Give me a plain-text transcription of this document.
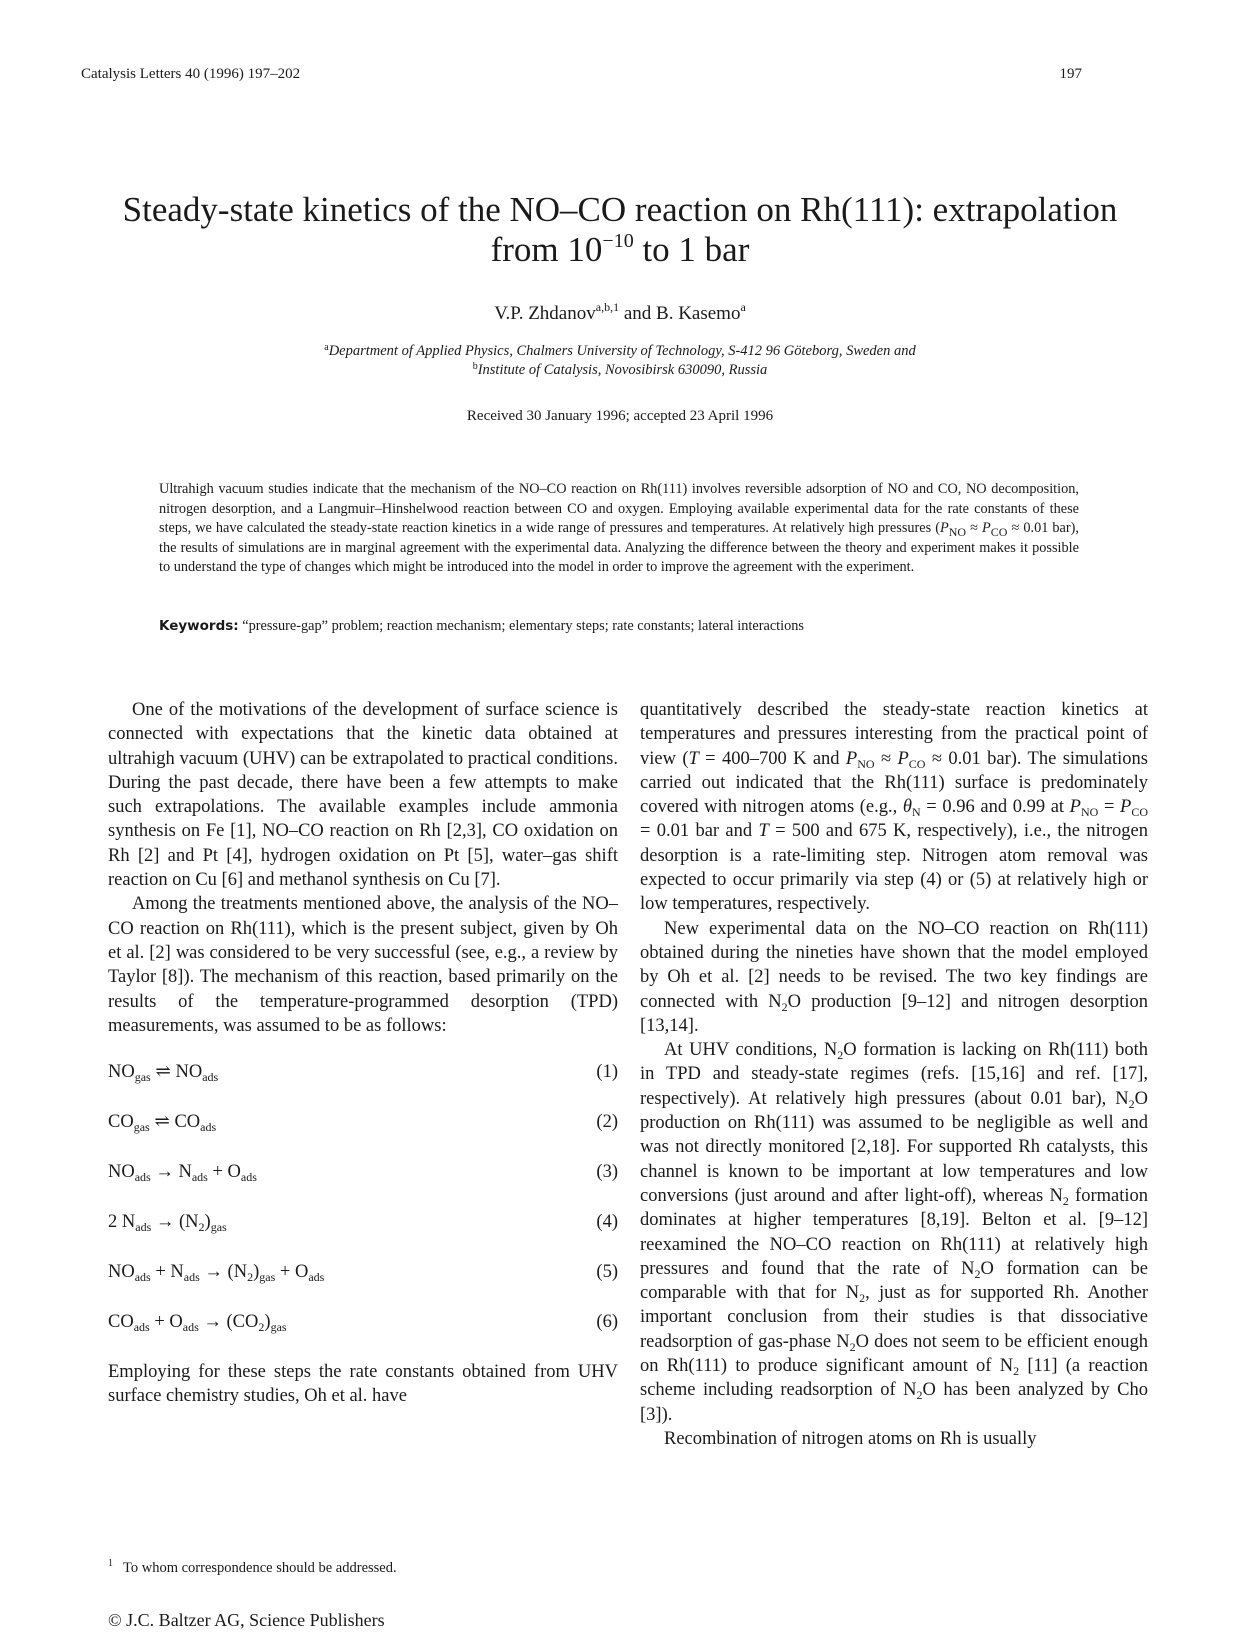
Catalysis Letters 40 (1996) 197–202	197
Steady-state kinetics of the NO–CO reaction on Rh(111): extrapolation
from $10^{-10}$ to 1 bar
V.P. Zhdanov$^{a,b,1}$ and B. Kasemo$^a$
$^a$Department of Applied Physics, Chalmers University of Technology, S-412 96 Göteborg, Sweden and
$^b$Institute of Catalysis, Novosibirsk 630090, Russia
Received 30 January 1996; accepted 23 April 1996
Ultrahigh vacuum studies indicate that the mechanism of the NO–CO reaction on Rh(111) involves reversible adsorption of NO and CO, NO decomposition, nitrogen desorption, and a Langmuir–Hinshelwood reaction between CO and oxygen. Employing available experimental data for the rate constants of these steps, we have calculated the steady-state reaction kinetics in a wide range of pressures and temperatures. At relatively high pressures ($P_{NO} \approx P_{CO} \approx 0.01$ bar), the results of simulations are in marginal agreement with the experimental data. Analyzing the difference between the theory and experiment makes it possible to understand the type of changes which might be introduced into the model in order to improve the agreement with the experiment.
Keywords: “pressure-gap” problem; reaction mechanism; elementary steps; rate constants; lateral interactions

One of the motivations of the development of surface science is connected with expectations that the kinetic data obtained at ultrahigh vacuum (UHV) can be extrapolated to practical conditions. During the past decade, there have been a few attempts to make such extrapolations. The available examples include ammonia synthesis on Fe [1], NO–CO reaction on Rh [2,3], CO oxidation on Rh [2] and Pt [4], hydrogen oxidation on Pt [5], water–gas shift reaction on Cu [6] and methanol synthesis on Cu [7].

Among the treatments mentioned above, the analysis of the NO–CO reaction on Rh(111), which is the present subject, given by Oh et al. [2] was considered to be very successful (see, e.g., a review by Taylor [8]). The mechanism of this reaction, based primarily on the results of the temperature-programmed desorption (TPD) measurements, was assumed to be as follows:

$NO_{gas}$ ⇌ $NO_{ads}$	(1)
$CO_{gas}$ ⇌ $CO_{ads}$	(2)
$NO_{ads} \to N_{ads} + O_{ads}$	(3)
2 $N_{ads} \to (N_2)_{gas}$	(4)
$NO_{ads} + N_{ads} \to (N_2)_{gas} + O_{ads}$	(5)
$CO_{ads} + O_{ads} \to (CO_2)_{gas}$	(6)

Employing for these steps the rate constants obtained from UHV surface chemistry studies, Oh et al. have

quantitatively described the steady-state reaction kinetics at temperatures and pressures interesting from the practical point of view (T = 400–700 K and $P_{NO} \approx P_{CO} \approx 0.01$ bar). The simulations carried out indicated that the Rh(111) surface is predominately covered with nitrogen atoms (e.g., $\theta_N = 0.96$ and 0.99 at $P_{NO} = P_{CO} = 0.01$ bar and T = 500 and 675 K, respectively), i.e., the nitrogen desorption is a rate-limiting step. Nitrogen atom removal was expected to occur primarily via step (4) or (5) at relatively high or low temperatures, respectively.

New experimental data on the NO–CO reaction on Rh(111) obtained during the nineties have shown that the model employed by Oh et al. [2] needs to be revised. The two key findings are connected with $N_2O$ production [9–12] and nitrogen desorption [13,14].

At UHV conditions, $N_2O$ formation is lacking on Rh(111) both in TPD and steady-state regimes (refs. [15,16] and ref. [17], respectively). At relatively high pressures (about 0.01 bar), $N_2O$ production on Rh(111) was assumed to be negligible as well and was not directly monitored [2,18]. For supported Rh catalysts, this channel is known to be important at low temperatures and low conversions (just around and after light-off), whereas $N_2$ formation dominates at higher temperatures [8,19]. Belton et al. [9–12] reexamined the NO–CO reaction on Rh(111) at relatively high pressures and found that the rate of $N_2O$ formation can be comparable with that for $N_2$, just as for supported Rh. Another important conclusion from their studies is that dissociative readsorption of gas-phase $N_2O$ does not seem to be efficient enough on Rh(111) to produce significant amount of $N_2$ [11] (a reaction scheme including readsorption of $N_2O$ has been analyzed by Cho [3]).

Recombination of nitrogen atoms on Rh is usually

$^1$ To whom correspondence should be addressed.
© J.C. Baltzer AG, Science Publishers
